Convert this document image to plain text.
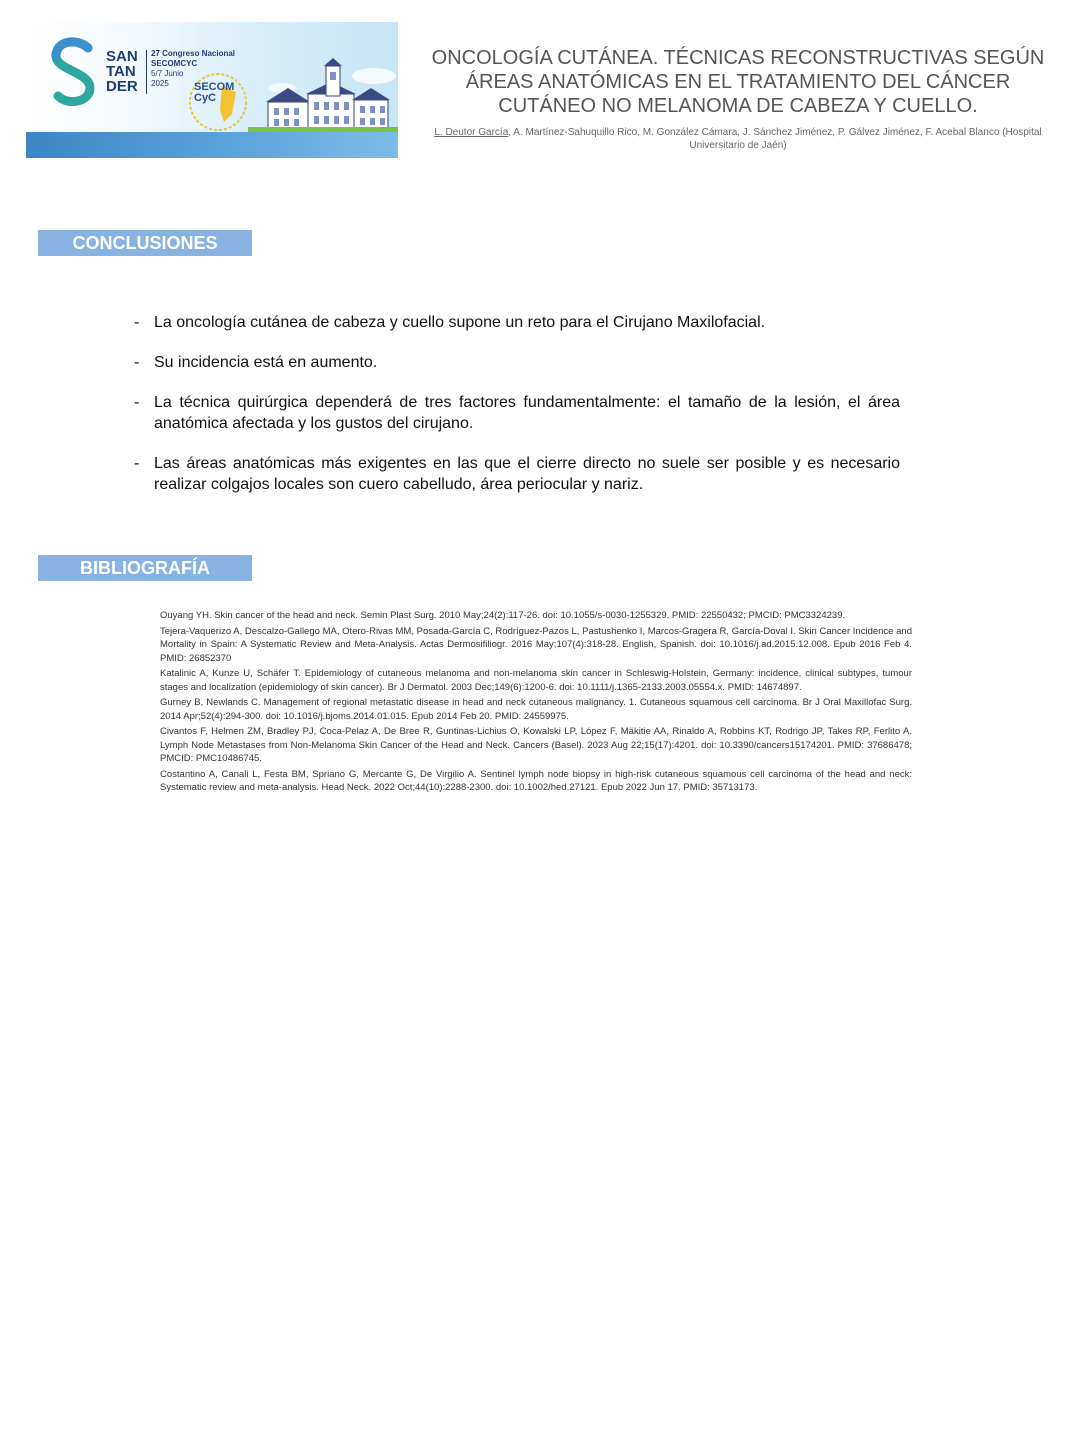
SAN
TAN
DER
27 Congreso Nacional
SECOMCYC
5/7 Junio
2025	SECOM
CyC
ONCOLOGÍA CUTÁNEA. TÉCNICAS RECONSTRUCTIVAS SEGÚN ÁREAS ANATÓMICAS EN EL TRATAMIENTO DEL CÁNCER CUTÁNEO NO MELANOMA DE CABEZA Y CUELLO.
L. Deutor García, A. Martínez-Sahuquillo Rico, M. González Cámara, J. Sánchez Jiménez, P. Gálvez Jiménez, F. Acebal Blanco (Hospital Universitario de Jaén)
CONCLUSIONES
- La oncología cutánea de cabeza y cuello supone un reto para el Cirujano Maxilofacial.
- Su incidencia está en aumento.
- La técnica quirúrgica dependerá de tres factores fundamentalmente: el tamaño de la lesión, el área anatómica afectada y los gustos del cirujano.
- Las áreas anatómicas más exigentes en las que el cierre directo no suele ser posible y es necesario realizar colgajos locales son cuero cabelludo, área periocular y nariz.
BIBLIOGRAFÍA
Ouyang YH. Skin cancer of the head and neck. Semin Plast Surg. 2010 May;24(2):117-26. doi: 10.1055/s-0030-1255329. PMID: 22550432; PMCID: PMC3324239.
Tejera-Vaquerizo A, Descalzo-Gallego MA, Otero-Rivas MM, Posada-García C, Rodríguez-Pazos L, Pastushenko I, Marcos-Gragera R, García-Doval I. Skin Cancer Incidence and Mortality in Spain: A Systematic Review and Meta-Analysis. Actas Dermosifiliogr. 2016 May;107(4):318-28. English, Spanish. doi: 10.1016/j.ad.2015.12.008. Epub 2016 Feb 4. PMID: 26852370
Katalinic A, Kunze U, Schäfer T. Epidemiology of cutaneous melanoma and non-melanoma skin cancer in Schleswig-Holstein, Germany: incidence, clinical subtypes, tumour stages and localization (epidemiology of skin cancer). Br J Dermatol. 2003 Dec;149(6):1200-6. doi: 10.1111/j.1365-2133.2003.05554.x. PMID: 14674897.
Gurney B, Newlands C. Management of regional metastatic disease in head and neck cutaneous malignancy. 1. Cutaneous squamous cell carcinoma. Br J Oral Maxillofac Surg. 2014 Apr;52(4):294-300. doi: 10.1016/j.bjoms.2014.01.015. Epub 2014 Feb 20. PMID: 24559975.
Civantos F, Helmen ZM, Bradley PJ, Coca-Pelaz A, De Bree R, Guntinas-Lichius O, Kowalski LP, López F, Mäkitie AA, Rinaldo A, Robbins KT, Rodrigo JP, Takes RP, Ferlito A. Lymph Node Metastases from Non-Melanoma Skin Cancer of the Head and Neck. Cancers (Basel). 2023 Aug 22;15(17):4201. doi: 10.3390/cancers15174201. PMID: 37686478; PMCID: PMC10486745.
Costantino A, Canali L, Festa BM, Spriano G, Mercante G, De Virgilio A. Sentinel lymph node biopsy in high-risk cutaneous squamous cell carcinoma of the head and neck: Systematic review and meta-analysis. Head Neck. 2022 Oct;44(10):2288-2300. doi: 10.1002/hed.27121. Epub 2022 Jun 17. PMID: 35713173.
